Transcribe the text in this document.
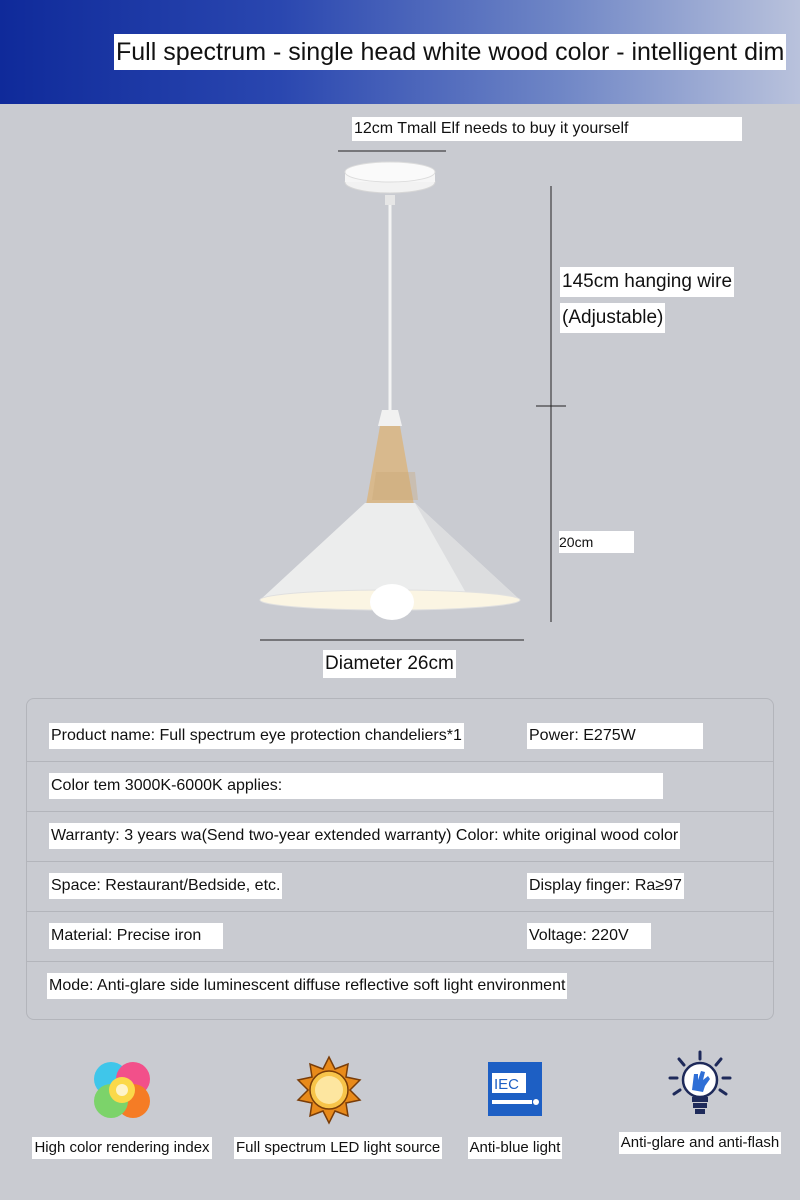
Full spectrum - single head white wood color - intelligent dim
12cm Tmall Elf needs to buy it yourself
145cm hanging wire
(Adjustable)
20cm
Diameter 26cm
Product name: Full spectrum eye protection chandeliers*1	Power: E275W
Color tem 3000K-6000K applies:
Warranty: 3 years wa(Send two-year extended warranty) Color: white original wood color
Space: Restaurant/Bedside, etc.	Display finger: Ra≥97
Material: Precise iron	Voltage: 220V
Mode: Anti-glare side luminescent diffuse reflective soft light environment
High color rendering index	Full spectrum LED light source
IEC
Anti-blue light	Anti-glare and anti-flash
